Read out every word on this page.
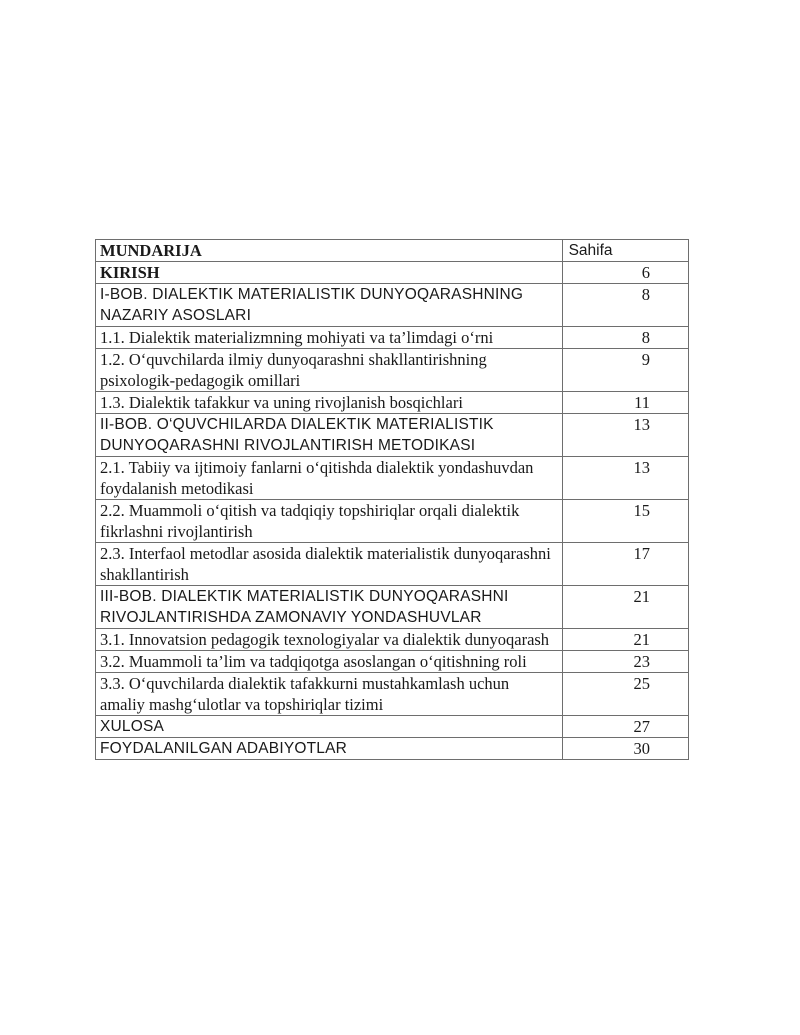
MUNDARIJA	Sahifa
KIRISH	6
I-BOB. DIALEKTIK MATERIALISTIK DUNYOQARASHNING NAZARIY ASOSLARI	8
1.1. Dialektik materializmning mohiyati va ta’limdagi o‘rni	8
1.2. O‘quvchilarda ilmiy dunyoqarashni shakllantirishning psixologik-pedagogik omillari	9
1.3. Dialektik tafakkur va uning rivojlanish bosqichlari	11
II-BOB. O‘QUVCHILARDA DIALEKTIK MATERIALISTIK DUNYOQARASHNI RIVOJLANTIRISH METODIKASI	13
2.1. Tabiiy va ijtimoiy fanlarni o‘qitishda dialektik yondashuvdan foydalanish metodikasi	13
2.2. Muammoli o‘qitish va tadqiqiy topshiriqlar orqali dialektik fikrlashni rivojlantirish	15
2.3. Interfaol metodlar asosida dialektik materialistik dunyoqarashni shakllantirish	17
III-BOB. DIALEKTIK MATERIALISTIK DUNYOQARASHNI RIVOJLANTIRISHDA ZAMONAVIY YONDASHUVLAR	21
3.1. Innovatsion pedagogik texnologiyalar va dialektik dunyoqarash	21
3.2. Muammoli ta’lim va tadqiqotga asoslangan o‘qitishning roli	23
3.3. O‘quvchilarda dialektik tafakkurni mustahkamlash uchun amaliy mashg‘ulotlar va topshiriqlar tizimi	25
XULOSA	27
FOYDALANILGAN ADABIYOTLAR	30
